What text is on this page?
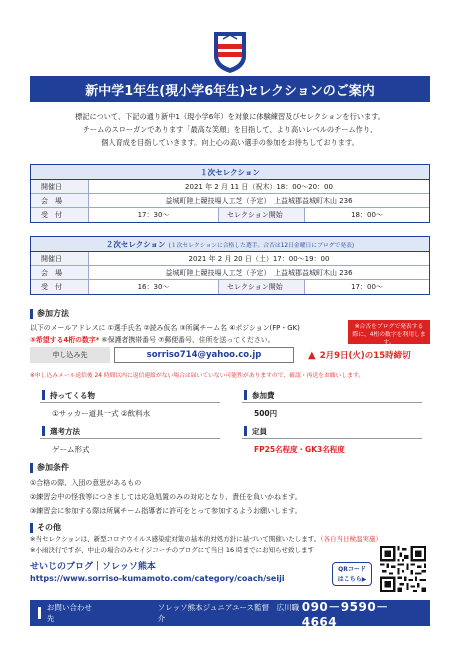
新中学1年生(現小学6年生)セレクションのご案内
標記について、下記の通り新中1（現小学6年）を対象に体験練習及びセレクションを行います。
チームのスローガンであります「最高な笑顔」を目指して、より高いレベルのチーム作り、
個人育成を目指していきます。向上心の高い選手の参加をお待ちしております。
１次セレクション
開催日	2021 年 2 月 11 日（祝木）18：00～20：00
会　場	益城町陸上競技場人工芝（予定）　上益城郡益城町木山 236
受　付	17：30～	セレクション開始	18：00～
２次セレクション (１次セレクションに合格した選手。合否は12日金曜日にブログで発表)
開催日	2021 年 2 月 20 日（土）17：00～19：00
会　場	益城町陸上競技場人工芝（予定）　上益城郡益城町木山 236
受　付	16：30～	セレクション開始	17：00～
参加方法
以下のメールアドレスに ①選手氏名 ②読み仮名 ③所属チーム名 ④ポジション(FP・GK)
⑤希望する4桁の数字* ⑥保護者携帯番号 ⑦郵便番号、住所を送ってください。
※合否をブログで発表する際に、4桁の数字を利用します。
申し込み先	sorriso714@yahoo.co.jp	▲ 2月9日(火)の15時締切
※申し込みメール送信後 24 時間以内に返信連絡がない場合は届いていない可能性がありますので、確認・再送をお願いします。
持ってくる物
①サッカー道具一式 ②飲料水
参加費
500円
選考方法
ゲーム形式
定員
FP25名程度・GK3名程度
参加条件
①合格の際、入団の意思があるもの
②練習会中の怪我等につきましては応急処置のみの対応となり、責任を負いかねます。
③練習会に参加する際は所属チーム指導者に許可をとって参加するようお願いします。
その他
※当セレクションは、新型コロナウイルス感染症対策の基本的対処方針に基づいて開催いたします。（各自当日検温実施）
※小雨決行ですが、中止の場合のみセイジコーチのブログにて当日 16 時までにお知らせ致します
せいじのブログ｜ソレッソ熊本
https://www.sorriso-kumamoto.com/category/coach/seiji
QRコード
はこちら▶
お問い合わせ先
ソレッソ熊本ジュニアユース監督　広川職介
090－9590－4664
